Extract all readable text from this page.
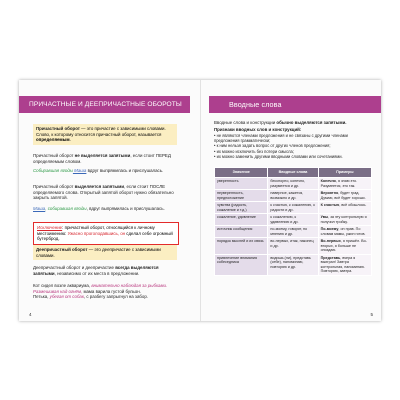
ПРИЧАСТНЫЕ И ДЕЕПРИЧАСТНЫЕ ОБОРОТЫ
Причастный оборот — это причастие с зависимыми словами. Слово, к которому относится причастный оборот, называется определяемым.
Причастный оборот не выделяется запятыми, если стоит ПЕРЕД определяемым словом.
Собиравшая ягоды Маша вдруг выпрямилась и прислушалась.
Причастный оборот выделяется запятыми, если стоит ПОСЛЕ определяемого слова. Открытый запятой оборот нужно обязательно закрыть запятой.
Маша, собиравшая ягоды, вдруг выпрямилась и прислушалась.
Исключение: причастный оборот, относящийся к личному местоимению: Ужасно проголодавшись, он сделал себе огромный бутерброд.
Деепричастный оборот — это деепричастие с зависимыми словами.
Деепричастный оборот и деепричастие всегда выделяются запятыми, независимо от их места в предложении.
Кот сидел возле аквариума, внимательно наблюдая за рыбками.
Размешивая над огнём, мама варила густой бульон.
Петька, убегая от собак, с разбегу запрыгнул на забор.
4
Вводные слова
Вводные слова и конструкции обычно выделяются запятыми.
Признаки вводных слов и конструкций:
• не являются членами предложения и не связаны с другими членами предложения грамматически;
• к ним нельзя задать вопрос от других членов предложения;
• их можно исключить без потери смысла;
• их можно заменить другими вводными словами или сочетаниями.
Значение	Вводные слова	Примеры
уверенность	бесспорно, конечно, разумеется и др.	Конечно, я знаю это. Разумеется, это так.
неуверенность, предположение	наверное, кажется, возможно и др.	Вероятно, будет град. Думаю, всё будет хорошо.
чувства (радость, сожаление и т.д.)	к счастью, к сожалению, к радости и др.	К счастью, всё обошлось.
сожаление, удивление	к сожалению, к удивлению и др.	Увы, за эту контрольную я получил тройку.
источник сообщения	по-моему, говорят, по мнению и др.	По-моему, он прав. По словам мамы, ужин готов.
порядок мыслей и их связь	во-первых, итак, наконец и др.	Во-первых, я пришёл. Во-вторых, я больше не опоздаю.
привлечение внимания собеседника	видишь (ли), представь (себе), напоминаю, повторяю и др.	Представь, вчера я выиграл! Завтра контрольная, напоминаю. Повторяю, завтра.
5
